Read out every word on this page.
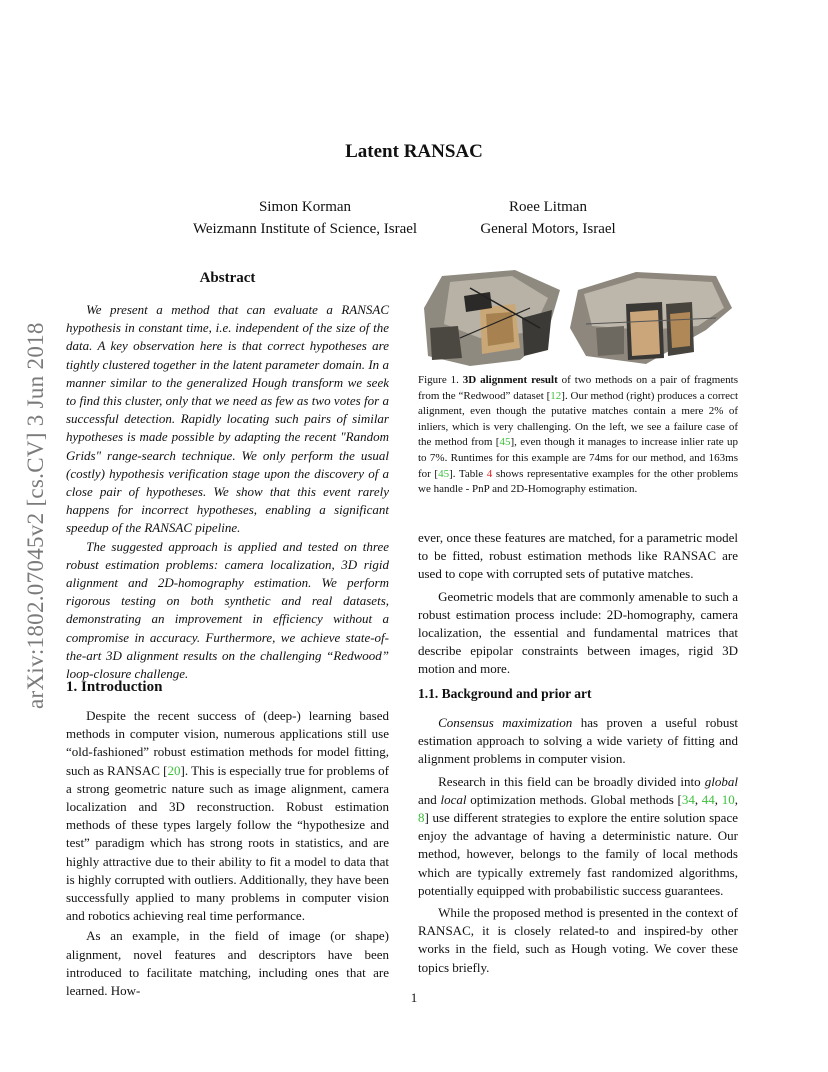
Latent RANSAC
Simon Korman
Weizmann Institute of Science, Israel
Roee Litman
General Motors, Israel
arXiv:1802.07045v2 [cs.CV] 3 Jun 2018
Abstract

We present a method that can evaluate a RANSAC hypothesis in constant time, i.e. independent of the size of the data. A key observation here is that correct hypotheses are tightly clustered together in the latent parameter domain. In a manner similar to the generalized Hough transform we seek to find this cluster, only that we need as few as two votes for a successful detection. Rapidly locating such pairs of similar hypotheses is made possible by adapting the recent "Random Grids" range-search technique. We only perform the usual (costly) hypothesis verification stage upon the discovery of a close pair of hypotheses. We show that this event rarely happens for incorrect hypotheses, enabling a significant speedup of the RANSAC pipeline.

The suggested approach is applied and tested on three robust estimation problems: camera localization, 3D rigid alignment and 2D-homography estimation. We perform rigorous testing on both synthetic and real datasets, demonstrating an improvement in efficiency without a compromise in accuracy. Furthermore, we achieve state-of-the-art 3D alignment results on the challenging “Redwood” loop-closure challenge.

1. Introduction

Despite the recent success of (deep-) learning based methods in computer vision, numerous applications still use “old-fashioned” robust estimation methods for model fitting, such as RANSAC [20]. This is especially true for problems of a strong geometric nature such as image alignment, camera localization and 3D reconstruction. Robust estimation methods of these types largely follow the “hypothesize and test” paradigm which has strong roots in statistics, and are highly attractive due to their ability to fit a model to data that is highly corrupted with outliers. Additionally, they have been successfully applied to many problems in computer vision and robotics achieving real time performance.

As an example, in the field of image (or shape) alignment, novel features and descriptors have been introduced to facilitate matching, including ones that are learned. How-

Figure 1. 3D alignment result of two methods on a pair of fragments from the “Redwood” dataset [12]. Our method (right) produces a correct alignment, even though the putative matches contain a mere 2% of inliers, which is very challenging. On the left, we see a failure case of the method from [45], even though it manages to increase inlier rate up to 7%. Runtimes for this example are 74ms for our method, and 163ms for [45]. Table 4 shows representative examples for the other problems we handle - PnP and 2D-Homography estimation.

ever, once these features are matched, for a parametric model to be fitted, robust estimation methods like RANSAC are used to cope with corrupted sets of putative matches.

Geometric models that are commonly amenable to such a robust estimation process include: 2D-homography, camera localization, the essential and fundamental matrices that describe epipolar constraints between images, rigid 3D motion and more.

1.1. Background and prior art

Consensus maximization has proven a useful robust estimation approach to solving a wide variety of fitting and alignment problems in computer vision.

Research in this field can be broadly divided into global and local optimization methods. Global methods [34, 44, 10, 8] use different strategies to explore the entire solution space enjoy the advantage of having a deterministic nature. Our method, however, belongs to the family of local methods which are typically extremely fast randomized algorithms, potentially equipped with probabilistic success guarantees.

While the proposed method is presented in the context of RANSAC, it is closely related-to and inspired-by other works in the field, such as Hough voting. We cover these topics briefly.

1
